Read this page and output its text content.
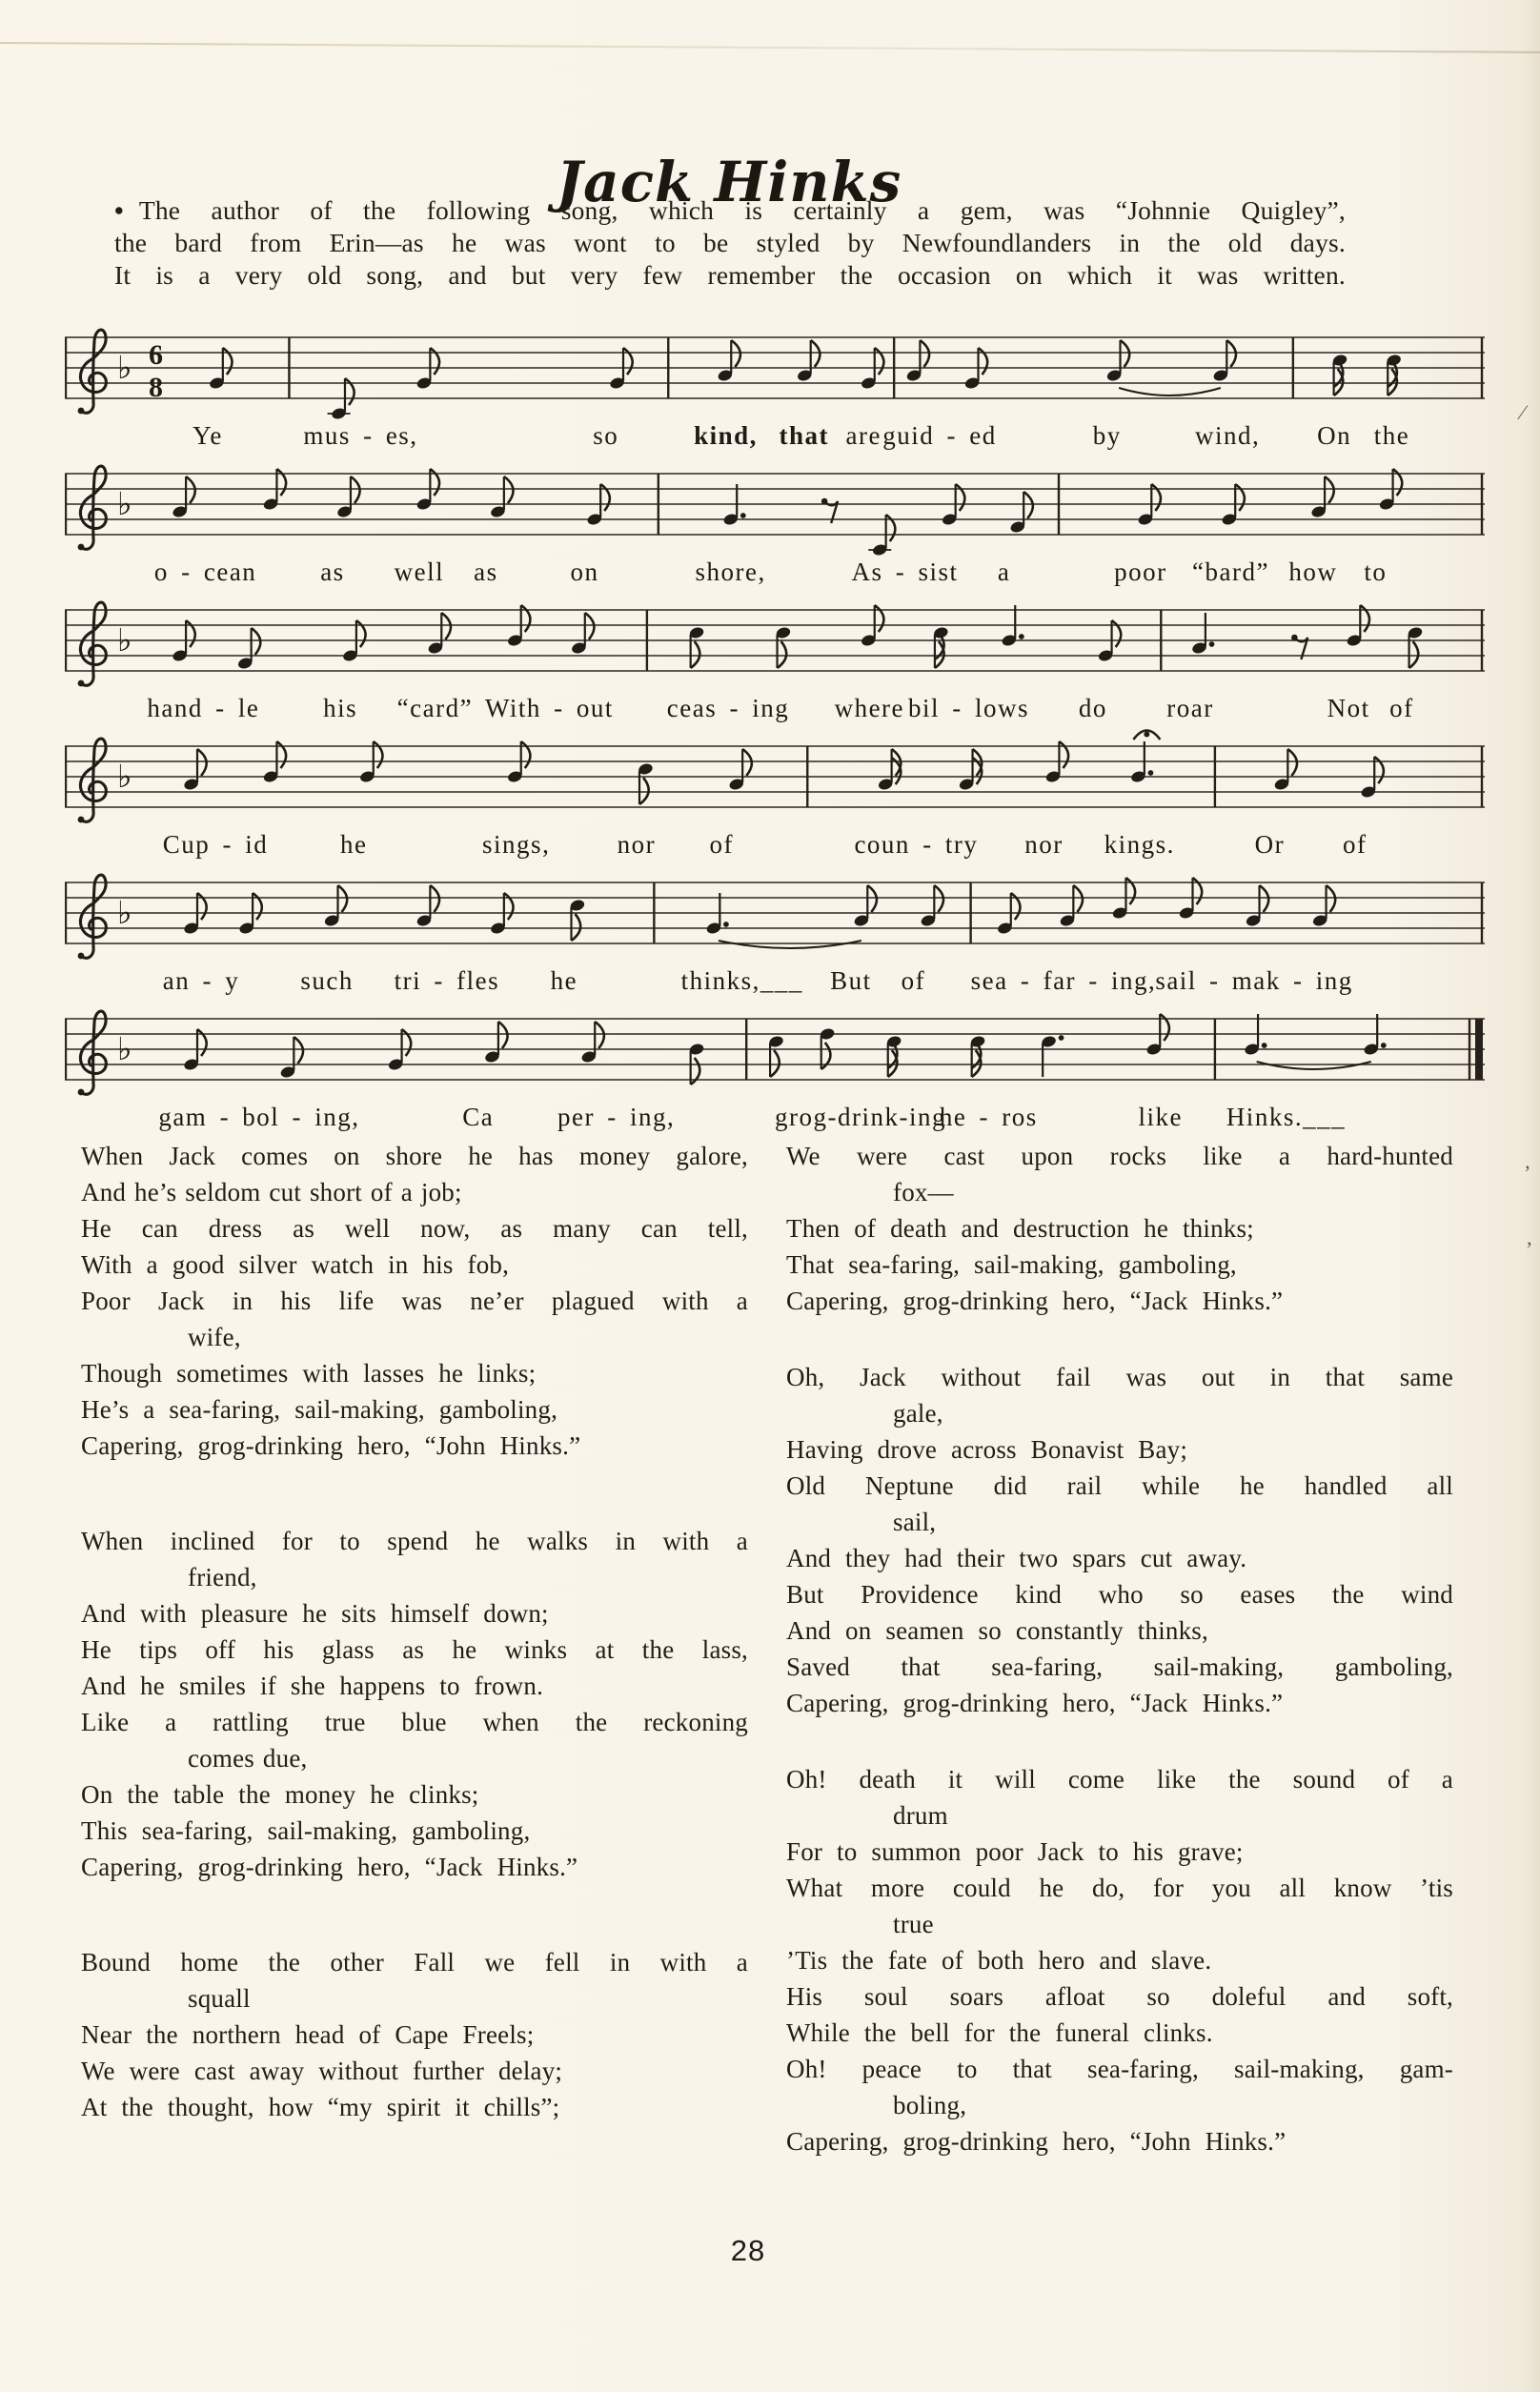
Jack Hinks
• The author of the following song, which is certainly a gem, was “Johnnie Quigley”,
the bard from Erin—as he was wont to be styled by Newfoundlanders in the old days.
It is a very old song, and but very few remember the occasion on which it was written.
♭ 6
8
Ye	mus - es,	so	kind, that are guid - ed	by	wind, On the
♭
o - cean as well as	on	shore,	As - sist a	poor “bard” how to
♭
hand - le his “card” With - out ceas - ing where bil - lows do roar	Not of
♭
Cup - id	he	sings,	nor of	coun - try nor kings.	Or of
♭
an - y such tri - fles he	thinks,___ But of sea - far - ing, sail - mak - ing
♭
gam - bol - ing,	Ca per - ing,	grog-drink-ing
he - ros	like Hinks.___
When Jack comes on shore he has money galore,
And he’s seldom cut short of a job;
He can dress as well now, as many can tell,
With a good silver watch in his fob,
Poor Jack in his life was ne’er plagued with a
wife,
Though sometimes with lasses he links;
He’s a sea-faring, sail-making, gamboling,
Capering, grog-drinking hero, “John Hinks.”
When inclined for to spend he walks in with a
friend,
And with pleasure he sits himself down;
He tips off his glass as he winks at the lass,
And he smiles if she happens to frown.
Like a rattling true blue when the reckoning
comes due,
On the table the money he clinks;
This sea-faring, sail-making, gamboling,
Capering, grog-drinking hero, “Jack Hinks.”
Bound home the other Fall we fell in with a
squall
Near the northern head of Cape Freels;
We were cast away without further delay;
At the thought, how “my spirit it chills”;
We were cast upon rocks like a hard-hunted
fox—
Then of death and destruction he thinks;
That sea-faring, sail-making, gamboling,
Capering, grog-drinking hero, “Jack Hinks.”
Oh, Jack without fail was out in that same
gale,
Having drove across Bonavist Bay;
Old Neptune did rail while he handled all
sail,
And they had their two spars cut away.
But Providence kind who so eases the wind
And on seamen so constantly thinks,
Saved that sea-faring, sail-making, gamboling,
Capering, grog-drinking hero, “Jack Hinks.”
Oh! death it will come like the sound of a
drum
For to summon poor Jack to his grave;
What more could he do, for you all know ’tis
true
’Tis the fate of both hero and slave.
His soul soars afloat so doleful and soft,
While the bell for the funeral clinks.
Oh! peace to that sea-faring, sail-making, gam-
boling,
Capering, grog-drinking hero, “John Hinks.”
28
⁄
’
’
